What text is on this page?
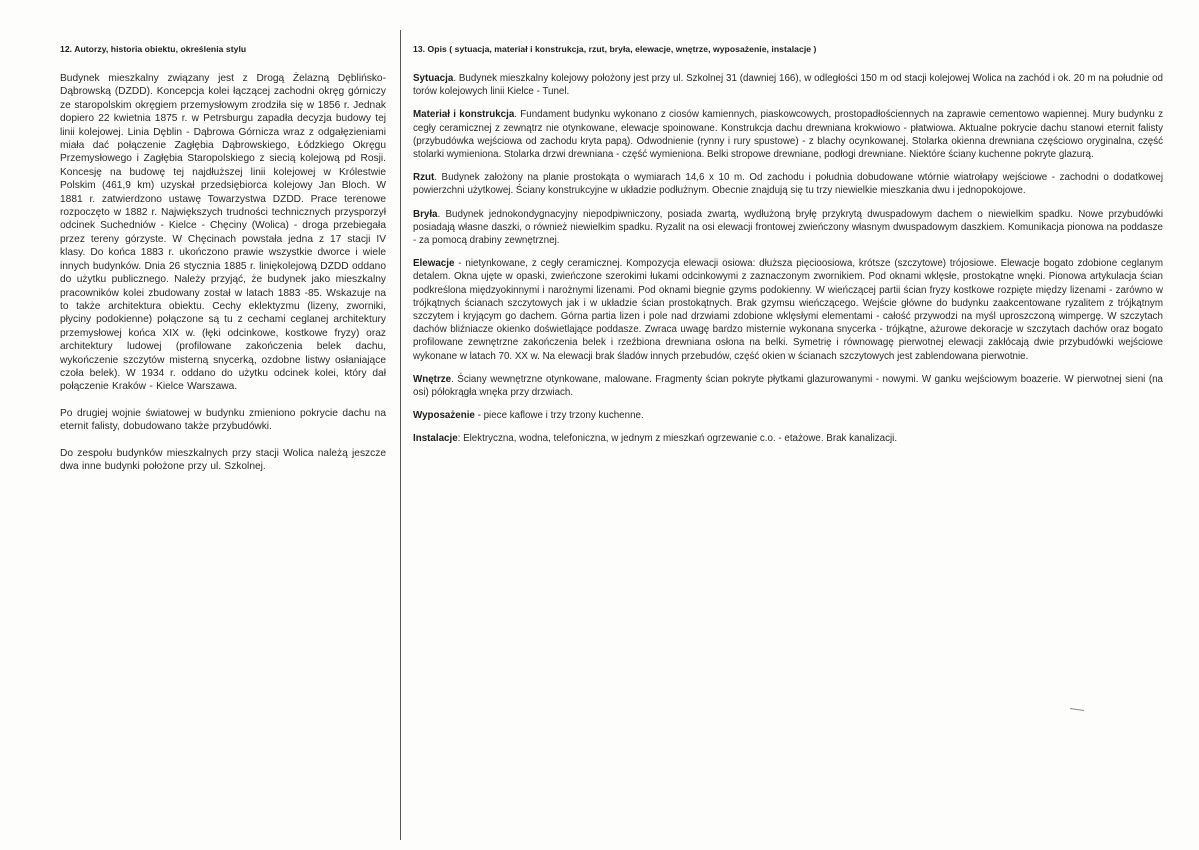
12. Autorzy, historia obiektu, określenia stylu

Budynek mieszkalny związany jest z Drogą Żelazną Dęblińsko-Dąbrowską (DZDD). Koncepcja kolei łączącej zachodni okręg górniczy ze staropolskim okręgiem przemysłowym zrodziła się w 1856 r. Jednak dopiero 22 kwietnia 1875 r. w Petrsburgu zapadła decyzja budowy tej linii kolejowej. Linia Dęblin - Dąbrowa Górnicza wraz z odgałęzieniami miała dać połączenie Zagłębia Dąbrowskiego, Łódzkiego Okręgu Przemysłowego i Zagłębia Staropolskiego z siecią kolejową pd Rosji. Koncesję na budowę tej najdłuższej linii kolejowej w Królestwie Polskim (461,9 km) uzyskał przedsiębiorca kolejowy Jan Bloch. W 1881 r. zatwierdzono ustawę Towarzystwa DZDD. Prace terenowe rozpoczęto w 1882 r. Największych trudności technicznych przysporzył odcinek Suchedniów - Kielce - Chęciny (Wolica) - droga przebiegała przez tereny górzyste. W Chęcinach powstała jedna z 17 stacji IV klasy. Do końca 1883 r. ukończono prawie wszystkie dworce i wiele innych budynków. Dnia 26 stycznia 1885 r. liniękolejową DZDD oddano do użytku publicznego. Należy przyjąć, że budynek jako mieszkalny pracowników kolei zbudowany został w latach 1883 -85. Wskazuje na to także architektura obiektu. Cechy eklektyzmu (lizeny, zworniki, płyciny podokienne) połączone są tu z cechami ceglanej architektury przemysłowej końca XIX w. (łęki odcinkowe, kostkowe fryzy) oraz architektury ludowej (profilowane zakończenia belek dachu, wykończenie szczytów misterną snycerką, ozdobne listwy osłaniające czoła belek). W 1934 r. oddano do użytku odcinek kolei, który dał połączenie Kraków - Kielce Warszawa.

Po drugiej wojnie światowej w budynku zmieniono pokrycie dachu na eternit falisty, dobudowano także przybudówki.

Do zespołu budynków mieszkalnych przy stacji Wolica należą jeszcze dwa inne budynki położone przy ul. Szkolnej.

13. Opis ( sytuacja, materiał i konstrukcja, rzut, bryła, elewacje, wnętrze, wyposażenie, instalacje )

Sytuacja. Budynek mieszkalny kolejowy położony jest przy ul. Szkolnej 31 (dawniej 166), w odległości 150 m od stacji kolejowej Wolica na zachód i ok. 20 m na południe od torów kolejowych linii Kielce - Tunel.

Materiał i konstrukcja. Fundament budynku wykonano z ciosów kamiennych, piaskowcowych, prostopadłościennych na zaprawie cementowo wapiennej. Mury budynku z cegły ceramicznej z zewnątrz nie otynkowane, elewacje spoinowane. Konstrukcja dachu drewniana krokwiowo - płatwiowa. Aktualne pokrycie dachu stanowi eternit falisty (przybudówka wejściowa od zachodu kryta papą). Odwodnienie (rynny i rury spustowe) - z blachy ocynkowanej. Stolarka okienna drewniana częściowo oryginalna, część stolarki wymieniona. Stolarka drzwi drewniana - część wymieniona. Belki stropowe drewniane, podłogi drewniane. Niektóre ściany kuchenne pokryte glazurą.

Rzut. Budynek założony na planie prostokąta o wymiarach 14,6 x 10 m. Od zachodu i południa dobudowane wtórnie wiatrołapy wejściowe - zachodni o dodatkowej powierzchni użytkowej. Ściany konstrukcyjne w układzie podłużnym. Obecnie znajdują się tu trzy niewielkie mieszkania dwu i jednopokojowe.

Bryła. Budynek jednokondygnacyjny niepodpiwniczony, posiada zwartą, wydłużoną bryłę przykrytą dwuspadowym dachem o niewielkim spadku. Nowe przybudówki posiadają własne daszki, o również niewielkim spadku. Ryzalit na osi elewacji frontowej zwieńczony własnym dwuspadowym daszkiem. Komunikacja pionowa na poddasze - za pomocą drabiny zewnętrznej.

Elewacje - nietynkowane, z cegły ceramicznej. Kompozycja elewacji osiowa: dłuższa pięcioosiowa, krótsze (szczytowe) trójosiowe. Elewacje bogato zdobione ceglanym detalem. Okna ujęte w opaski, zwieńczone szerokimi łukami odcinkowymi z zaznaczonym zwornikiem. Pod oknami wklęsłe, prostokątne wnęki. Pionowa artykulacja ścian podkreślona międzyokinnymi i narożnymi lizenami. Pod oknami biegnie gzyms podokienny. W wieńczącej partii ścian fryzy kostkowe rozpięte między lizenami - zarówno w trójkątnych ścianach szczytowych jak i w układzie ścian prostokątnych. Brak gzymsu wieńczącego. Wejście główne do budynku zaakcentowane ryzalitem z trójkątnym szczytem i kryjącym go dachem. Górna partia lizen i pole nad drzwiami zdobione wklęsłymi elementami - całość przywodzi na myśl uproszczoną wimpergę. W szczytach dachów bliźniacze okienko doświetlające poddasze. Zwraca uwagę bardzo misternie wykonana snycerka - trójkątne, ażurowe dekoracje w szczytach dachów oraz bogato profilowane zewnętrzne zakończenia belek i rzeźbiona drewniana osłona na belki. Symetrię i równowagę pierwotnej elewacji zakłócają dwie przybudówki wejściowe wykonane w latach 70. XX w. Na elewacji brak śladów innych przebudów, część okien w ścianach szczytowych jest zablendowana pierwotnie.

Wnętrze. Ściany wewnętrzne otynkowane, malowane. Fragmenty ścian pokryte płytkami glazurowanymi - nowymi. W ganku wejściowym boazerie. W pierwotnej sieni (na osi) półokrągła wnęka przy drzwiach.

Wyposażenie - piece kaflowe i trzy trzony kuchenne.

Instalacje: Elektryczna, wodna, telefoniczna, w jednym z mieszkań ogrzewanie c.o. - etażowe. Brak kanalizacji.
